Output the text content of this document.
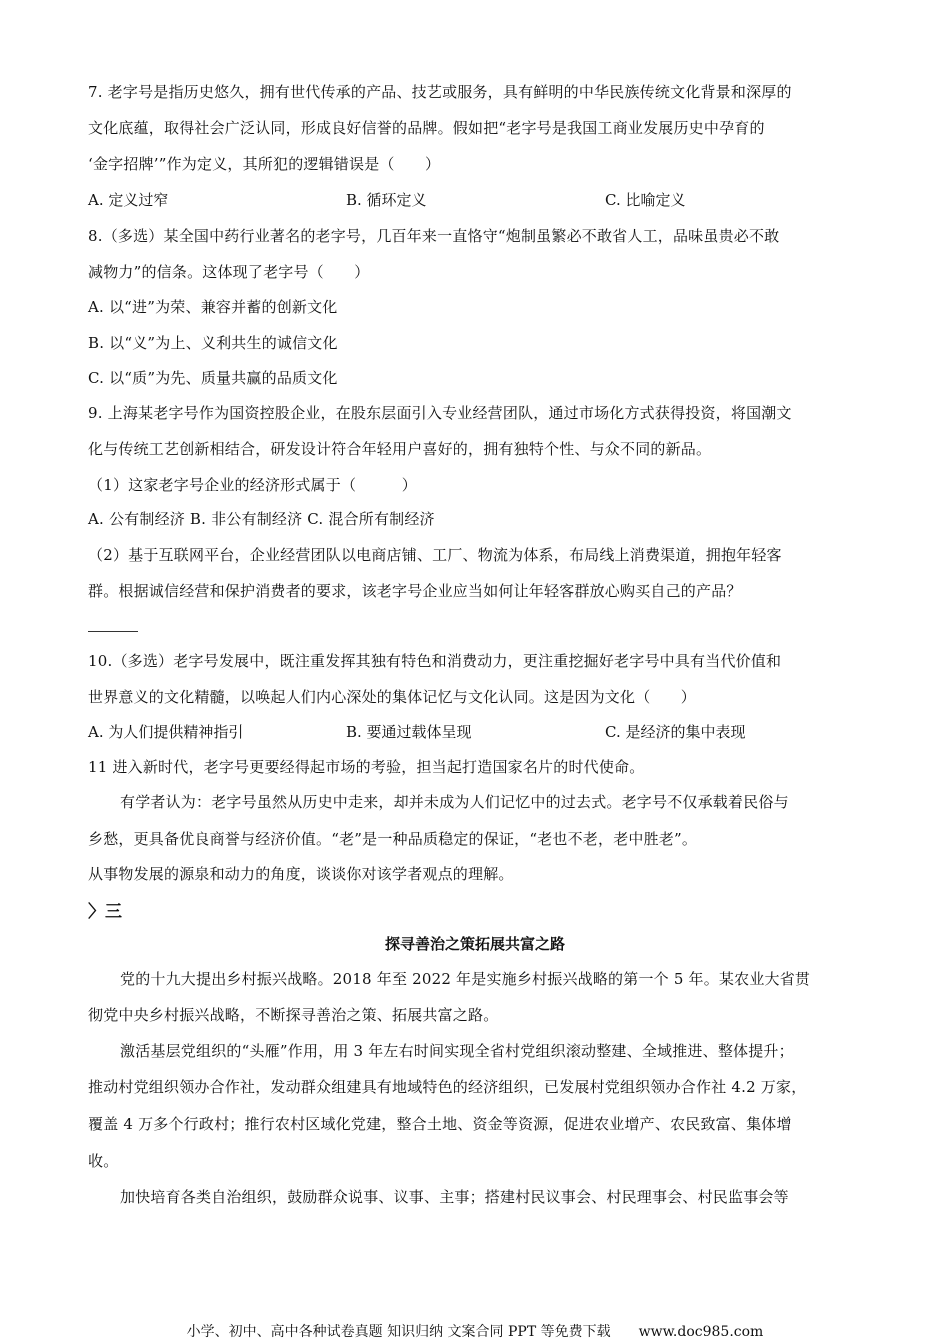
7. 老字号是指历史悠久，拥有世代传承的产品、技艺或服务，具有鲜明的中华民族传统文化背景和深厚的
文化底蕴，取得社会广泛认同，形成良好信誉的品牌。假如把“老字号是我国工商业发展历史中孕育的
‘金字招牌’”作为定义，其所犯的逻辑错误是（　　）
A. 定义过窄	B. 循环定义	C. 比喻定义
8.（多选）某全国中药行业著名的老字号，几百年来一直恪守“炮制虽繁必不敢省人工，品味虽贵必不敢
减物力”的信条。这体现了老字号（　　）
A. 以“进”为荣、兼容并蓄的创新文化
B. 以“义”为上、义利共生的诚信文化
C. 以“质”为先、质量共赢的品质文化
9. 上海某老字号作为国资控股企业，在股东层面引入专业经营团队，通过市场化方式获得投资，将国潮文
化与传统工艺创新相结合，研发设计符合年轻用户喜好的，拥有独特个性、与众不同的新品。
（1）这家老字号企业的经济形式属于（　　　）
A. 公有制经济 B. 非公有制经济 C. 混合所有制经济
（2）基于互联网平台，企业经营团队以电商店铺、工厂、物流为体系，布局线上消费渠道，拥抱年轻客
群。根据诚信经营和保护消费者的要求，该老字号企业应当如何让年轻客群放心购买自己的产品？
10.（多选）老字号发展中，既注重发挥其独有特色和消费动力，更注重挖掘好老字号中具有当代价值和
世界意义的文化精髓，以唤起人们内心深处的集体记忆与文化认同。这是因为文化（　　）
A. 为人们提供精神指引	B. 要通过载体呈现	C. 是经济的集中表现
11 进入新时代，老字号更要经得起市场的考验，担当起打造国家名片的时代使命。
有学者认为：老字号虽然从历史中走来，却并未成为人们记忆中的过去式。老字号不仅承载着民俗与
乡愁，更具备优良商誉与经济价值。“老”是一种品质稳定的保证，“老也不老，老中胜老”。
从事物发展的源泉和动力的角度，谈谈你对该学者观点的理解。
〉三
探寻善治之策拓展共富之路
党的十九大提出乡村振兴战略。2018 年至 2022 年是实施乡村振兴战略的第一个 5 年。某农业大省贯
彻党中央乡村振兴战略，不断探寻善治之策、拓展共富之路。
激活基层党组织的“头雁”作用，用 3 年左右时间实现全省村党组织滚动整建、全域推进、整体提升；
推动村党组织领办合作社，发动群众组建具有地域特色的经济组织，已发展村党组织领办合作社 4.2 万家，
覆盖 4 万多个行政村；推行农村区域化党建，整合土地、资金等资源，促进农业增产、农民致富、集体增
收。
加快培育各类自治组织，鼓励群众说事、议事、主事；搭建村民议事会、村民理事会、村民监事会等
小学、初中、高中各种试卷真题 知识归纳 文案合同 PPT 等免费下载　　www.doc985.com
